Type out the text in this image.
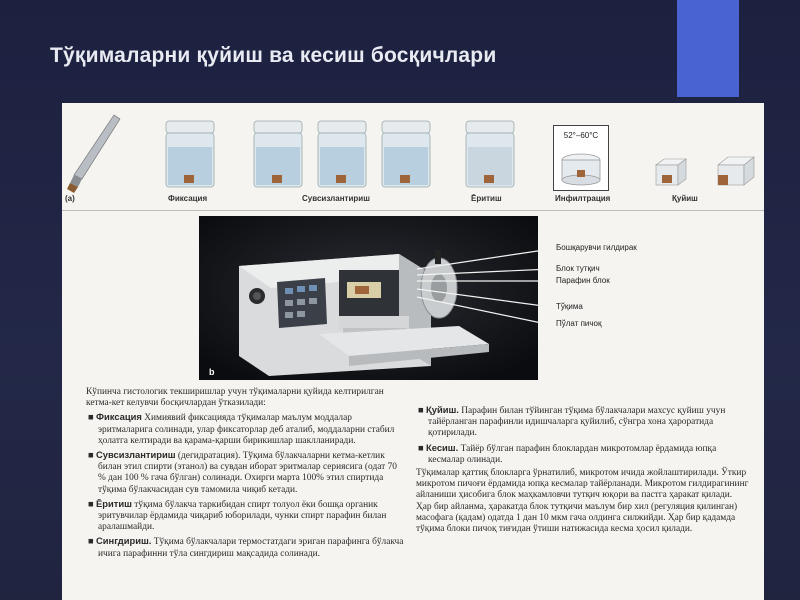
Тўқималарни қуйиш ва кесиш босқичлари
52°–60°C
(a)	Фиксация	Сувсизлантириш	Ēритиш	Инфилтрация	Қуйиш
b
Бошқарувчи гилдирак
Блок тутқич
Парафин блок
Тўқима
Пўлат пичоқ

Кўпинча гистологик текширишлар учун тўқималарни қуйида келтирилган кетма-кет келувчи босқичлардан ўтказилади:

■ Фиксация Химиявий фиксацияда тўқималар маълум моддалар эритмаларига солинади, улар фиксаторлар деб аталиб, моддаларни стабил ҳолатга келтиради ва қарама-қарши бирикишлар шаклланиради.
■ Сувсизлантириш (дегидратация). Тўқима бўлакчаларни кетма-кетлик билан этил спирти (этанол) ва сувдан иборат эритмалар сериясига (одат 70 % дан 100 % гача бўлган) солинади. Охирги мартa 100% этил спиртида тўқима бўлакчасидан сув тамомила чиқиб кетади.
■ Ēритиш тўқима бўлакча таркибидан спирт толуол ёки бошқа органик эритувчилар ёрдамида чиқариб юборилади, чунки спирт парафин билан аралашмайди.
■ Сингдириш. Тўқима бўлакчалари термостатдаги эриган парафинга бўлакча ичига парафинни тўла сингдириш мақсадида солинади.
■ Қуйиш. Парафин билан тўйинган тўқима бўлакчалари махсус қуйиш учун тайёрланган парафинли идишчаларга қуйилиб, сўнгра хона ҳароратида қотирилади.
■ Кесиш. Тайёр бўлган парафин блоклардан микротомлар ёрдамида юпқа кесмалар олинади.

Тўқималар қаттиқ блокларга ўрнатилиб, микротом ичида жойлаштирилади. Ўткир микротом пичоғи ёрдамида юпқа кесмалар тайёрланади. Микротом гилдирагининг айланиши ҳисобига блок маҳкамловчи тутқич юқори ва пастга ҳаракат қилади. Ҳар бир айланма, ҳаракатда блок тутқичи маълум бир хил (регуляция қилинган) масофага (қадам) одатда 1 дан 10 мкм гача олдинга силжийди. Ҳар бир қадамда тўқима блоки пичоқ тиғидан ўтиши натижасида кесма ҳосил қилади.
